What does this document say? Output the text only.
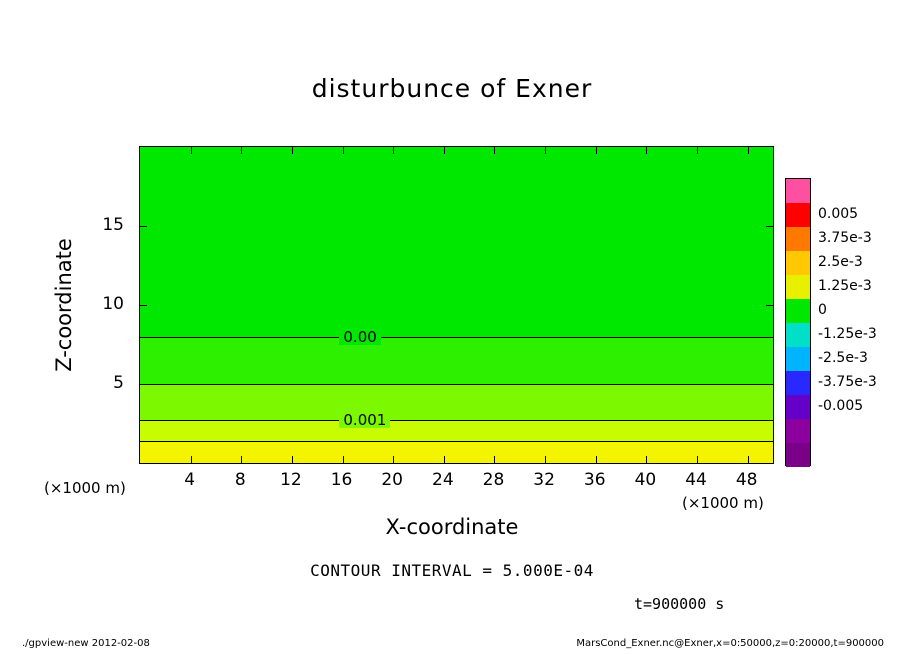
disturbunce of Exner
0.00
0.001
Z-coordinate
X-coordinate
(×1000 m)
(×1000 m)
CONTOUR INTERVAL = 5.000E-04
t=900000 s
./gpview-new 2012-02-08	MarsCond_Exner.nc@Exner,x=0:50000,z=0:20000,t=900000
4 8 12 16 20 24 28 32 36 40 44 48
5
10
15
0.005
3.75e-3
2.5e-3
1.25e-3
0
-1.25e-3
-2.5e-3
-3.75e-3
-0.005
